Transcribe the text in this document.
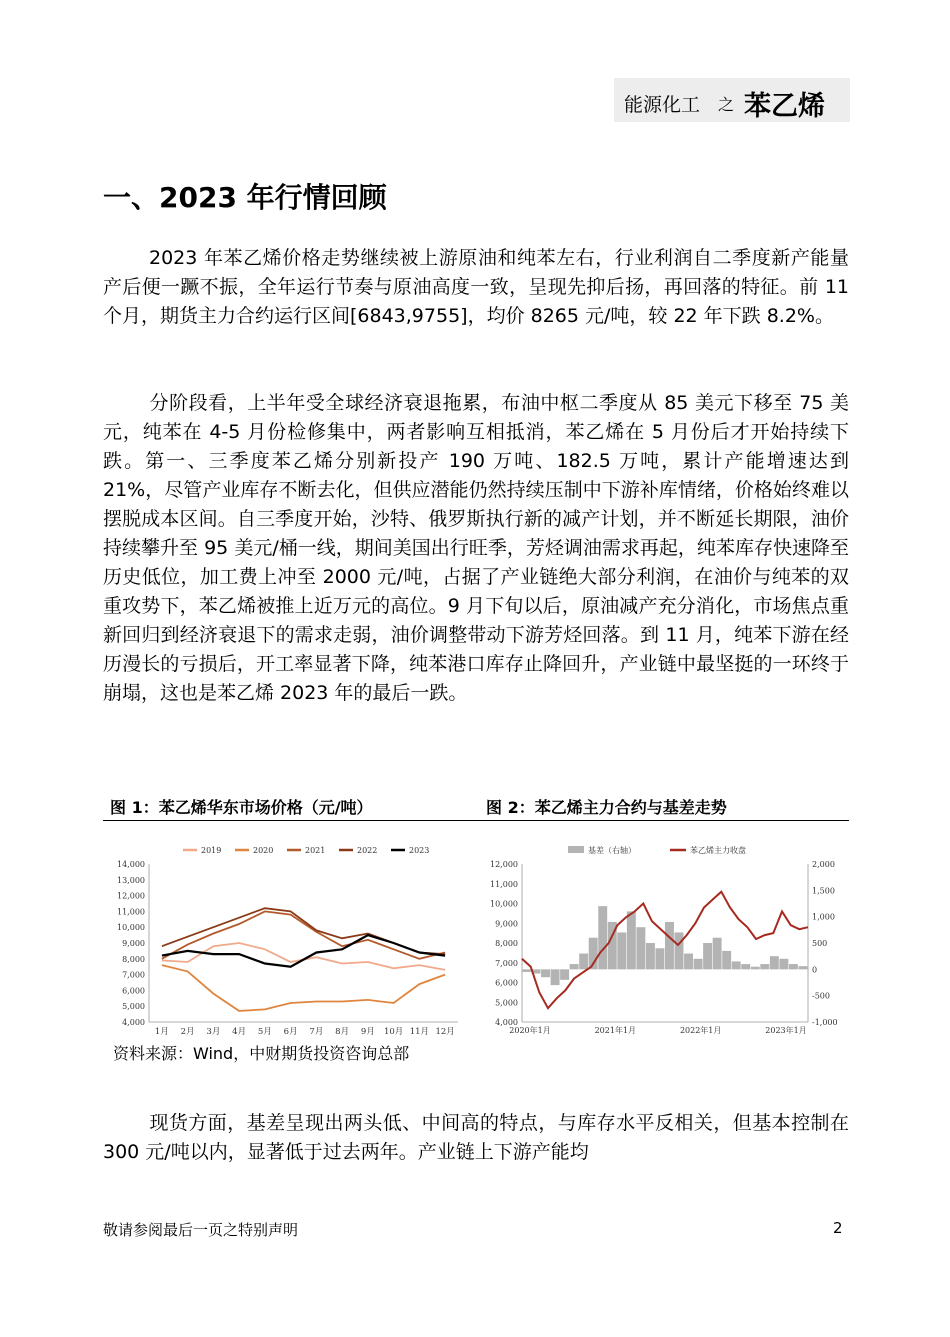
能源化工 之 苯乙烯
一、2023 年行情回顾

2023 年苯乙烯价格走势继续被上游原油和纯苯左右，行业利润自二季度新产能量产后便一蹶不振，全年运行节奏与原油高度一致，呈现先抑后扬，再回落的特征。前 11 个月，期货主力合约运行区间[6843,9755]，均价 8265 元/吨，较 22 年下跌 8.2%。

分阶段看，上半年受全球经济衰退拖累，布油中枢二季度从 85 美元下移至 75 美元，纯苯在 4-5 月份检修集中，两者影响互相抵消，苯乙烯在 5 月份后才开始持续下跌。第一、三季度苯乙烯分别新投产 190 万吨、182.5 万吨，累计产能增速达到 21%，尽管产业库存不断去化，但供应潜能仍然持续压制中下游补库情绪，价格始终难以摆脱成本区间。自三季度开始，沙特、俄罗斯执行新的减产计划，并不断延长期限，油价持续攀升至 95 美元/桶一线，期间美国出行旺季，芳烃调油需求再起，纯苯库存快速降至历史低位，加工费上冲至 2000 元/吨，占据了产业链绝大部分利润，在油价与纯苯的双重攻势下，苯乙烯被推上近万元的高位。9 月下旬以后，原油减产充分消化，市场焦点重新回归到经济衰退下的需求走弱，油价调整带动下游芳烃回落。到 11 月，纯苯下游在经历漫长的亏损后，开工率显著下降，纯苯港口库存止降回升，产业链中最坚挺的一环终于崩塌，这也是苯乙烯 2023 年的最后一跌。

图 1：苯乙烯华东市场价格（元/吨）	图 2：苯乙烯主力合约与基差走势
4,000
5,000
6,000
7,000
8,000
9,000
10,000
11,000
12,000
13,000
14,000
1月 2月 3月 4月 5月 6月 7月 8月 9月 10月 11月 12月
2019	2020	2021	2022	2023
4,000
5,000
6,000
7,000
8,000
9,000
10,000
11,000
12,000
-1,000
-500
0
500
1,000
1,500
2,000
2020年1月	2021年1月	2022年1月	2023年1月
基差（右轴）	苯乙烯主力收盘
资料来源：Wind，中财期货投资咨询总部

现货方面，基差呈现出两头低、中间高的特点，与库存水平反相关，但基本控制在 300 元/吨以内，显著低于过去两年。产业链上下游产能均

敬请参阅最后一页之特别声明	2
